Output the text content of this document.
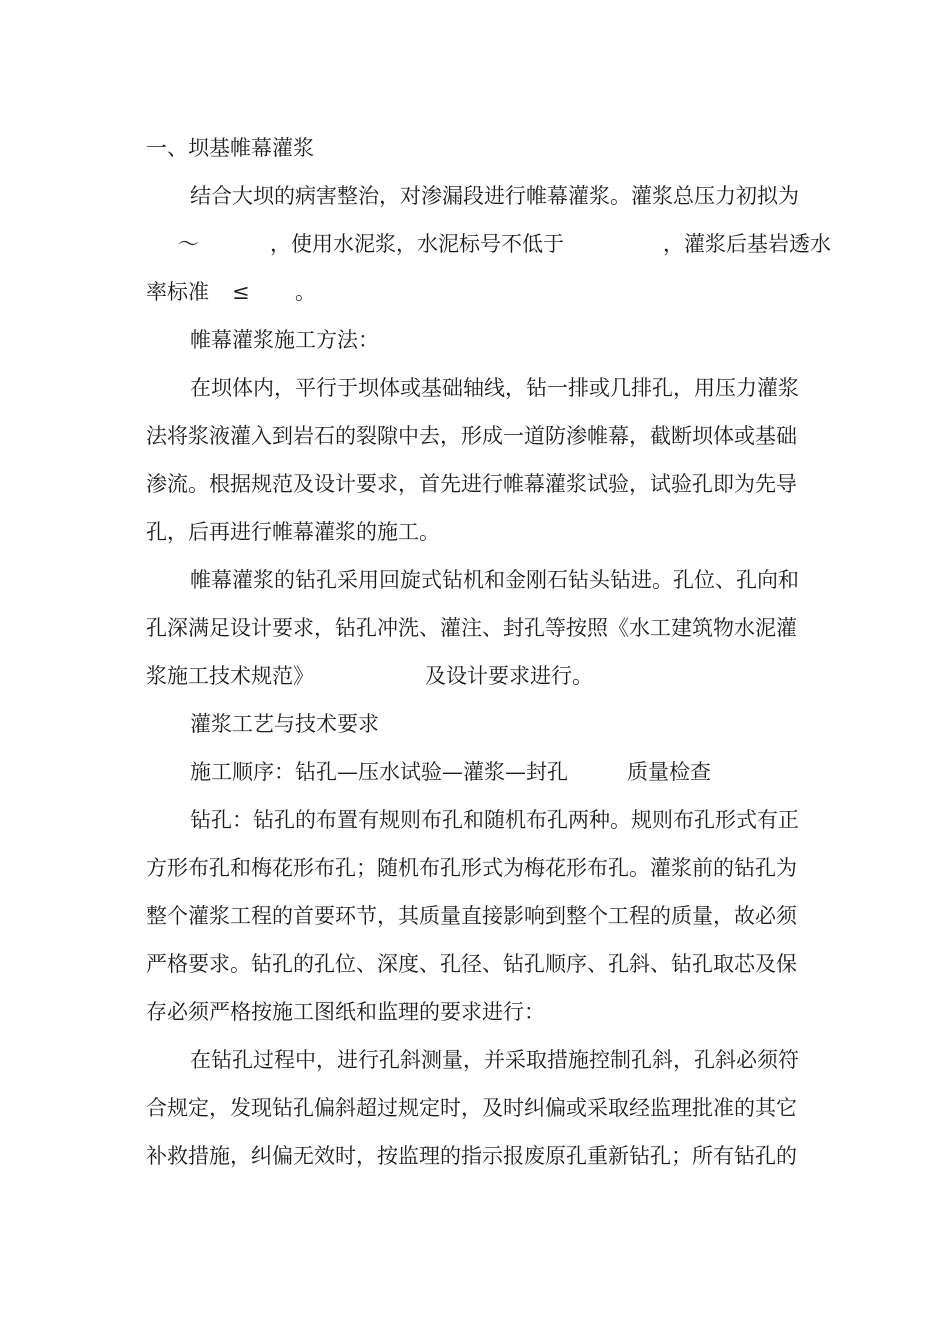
一、坝基帷幕灌浆
结合大坝的病害整治，对渗漏段进行帷幕灌浆。灌浆总压力初拟为
～	，使用水泥浆，水泥标号不低于	，灌浆后基岩透水
率标准 ≤ 。
帷幕灌浆施工方法：
在坝体内，平行于坝体或基础轴线，钻一排或几排孔，用压力灌浆
法将浆液灌入到岩石的裂隙中去，形成一道防渗帷幕，截断坝体或基础
渗流。根据规范及设计要求，首先进行帷幕灌浆试验，试验孔即为先导
孔，后再进行帷幕灌浆的施工。
帷幕灌浆的钻孔采用回旋式钻机和金刚石钻头钻进。孔位、孔向和
孔深满足设计要求，钻孔冲洗、灌注、封孔等按照《水工建筑物水泥灌
浆施工技术规范》	及设计要求进行。
灌浆工艺与技术要求
施工顺序：钻孔—压水试验—灌浆—封孔	质量检查
钻孔：钻孔的布置有规则布孔和随机布孔两种。规则布孔形式有正
方形布孔和梅花形布孔；随机布孔形式为梅花形布孔。灌浆前的钻孔为
整个灌浆工程的首要环节，其质量直接影响到整个工程的质量，故必须
严格要求。钻孔的孔位、深度、孔径、钻孔顺序、孔斜、钻孔取芯及保
存必须严格按施工图纸和监理的要求进行：
在钻孔过程中，进行孔斜测量，并采取措施控制孔斜，孔斜必须符
合规定，发现钻孔偏斜超过规定时，及时纠偏或采取经监理批准的其它
补救措施，纠偏无效时，按监理的指示报废原孔重新钻孔；所有钻孔的
